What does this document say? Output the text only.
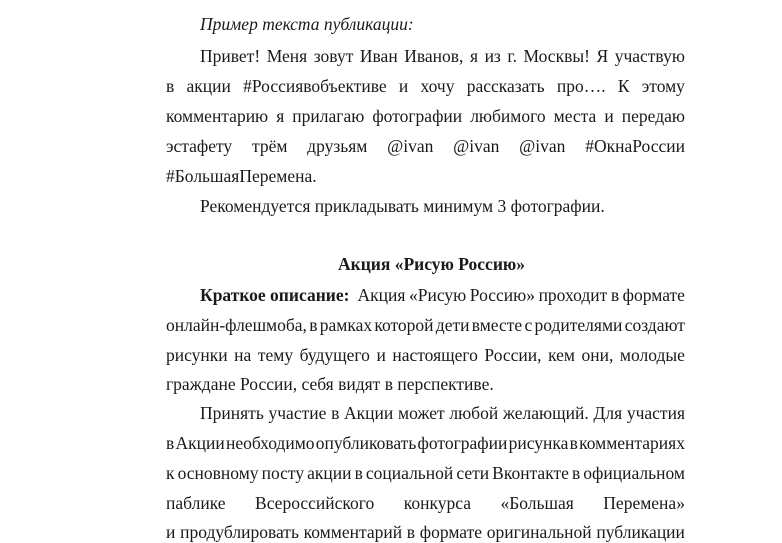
Пример текста публикации:
Привет! Меня зовут Иван Иванов, я из г. Москвы! Я участвую
в акции #Россиявобъективе и хочу рассказать про…. К этому
комментарию я прилагаю фотографии любимого места и передаю
эстафету трём друзьям @ivan @ivan @ivan #ОкнаРоссии
#БольшаяПеремена.
Рекомендуется прикладывать минимум 3 фотографии.
Акция «Рисую Россию»
Краткое описание: Акция «Рисую Россию» проходит в формате
онлайн-флешмоба, в рамках которой дети вместе с родителями создают
рисунки на тему будущего и настоящего России, кем они, молодые
граждане России, себя видят в перспективе.
Принять участие в Акции может любой желающий. Для участия
в Акции необходимо опубликовать фотографии рисунка в комментариях
к основному посту акции в социальной сети Вконтакте в официальном
паблике Всероссийского конкурса «Большая Перемена»
и продублировать комментарий в формате оригинальной публикации
